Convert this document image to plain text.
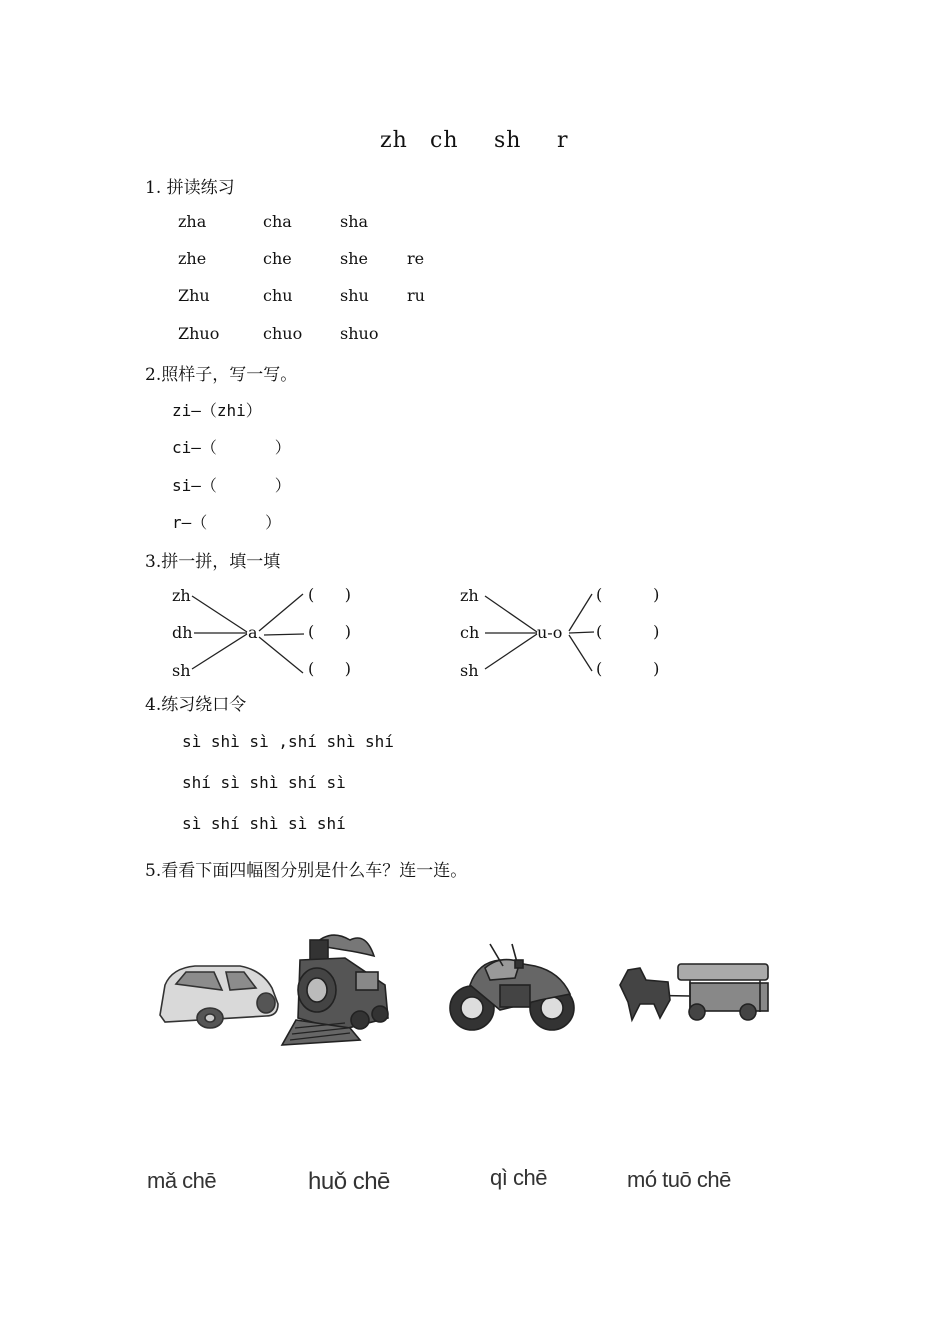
zh ch sh r
1. 拼读练习
zha	cha	sha
zhe	che	she re
Zhu	chu	shu ru
Zhuo	chuo shuo
2.照样子，写一写。
zi—（zhi）
ci—（      ）
si—（      ）
r—（      ）
3.拼一拼，填一填
zh
dh
sh
a
(      )
(      )
(      )
zh
ch
sh
u-o
(          )
(          )
(          )
4.练习绕口令
sì shì sì ,shí shì shí
shí sì shì shí sì
sì shí shì sì shí
5.看看下面四幅图分别是什么车？连一连。
mǎ chē	huǒ chē	qì chē	mó tuō chē
